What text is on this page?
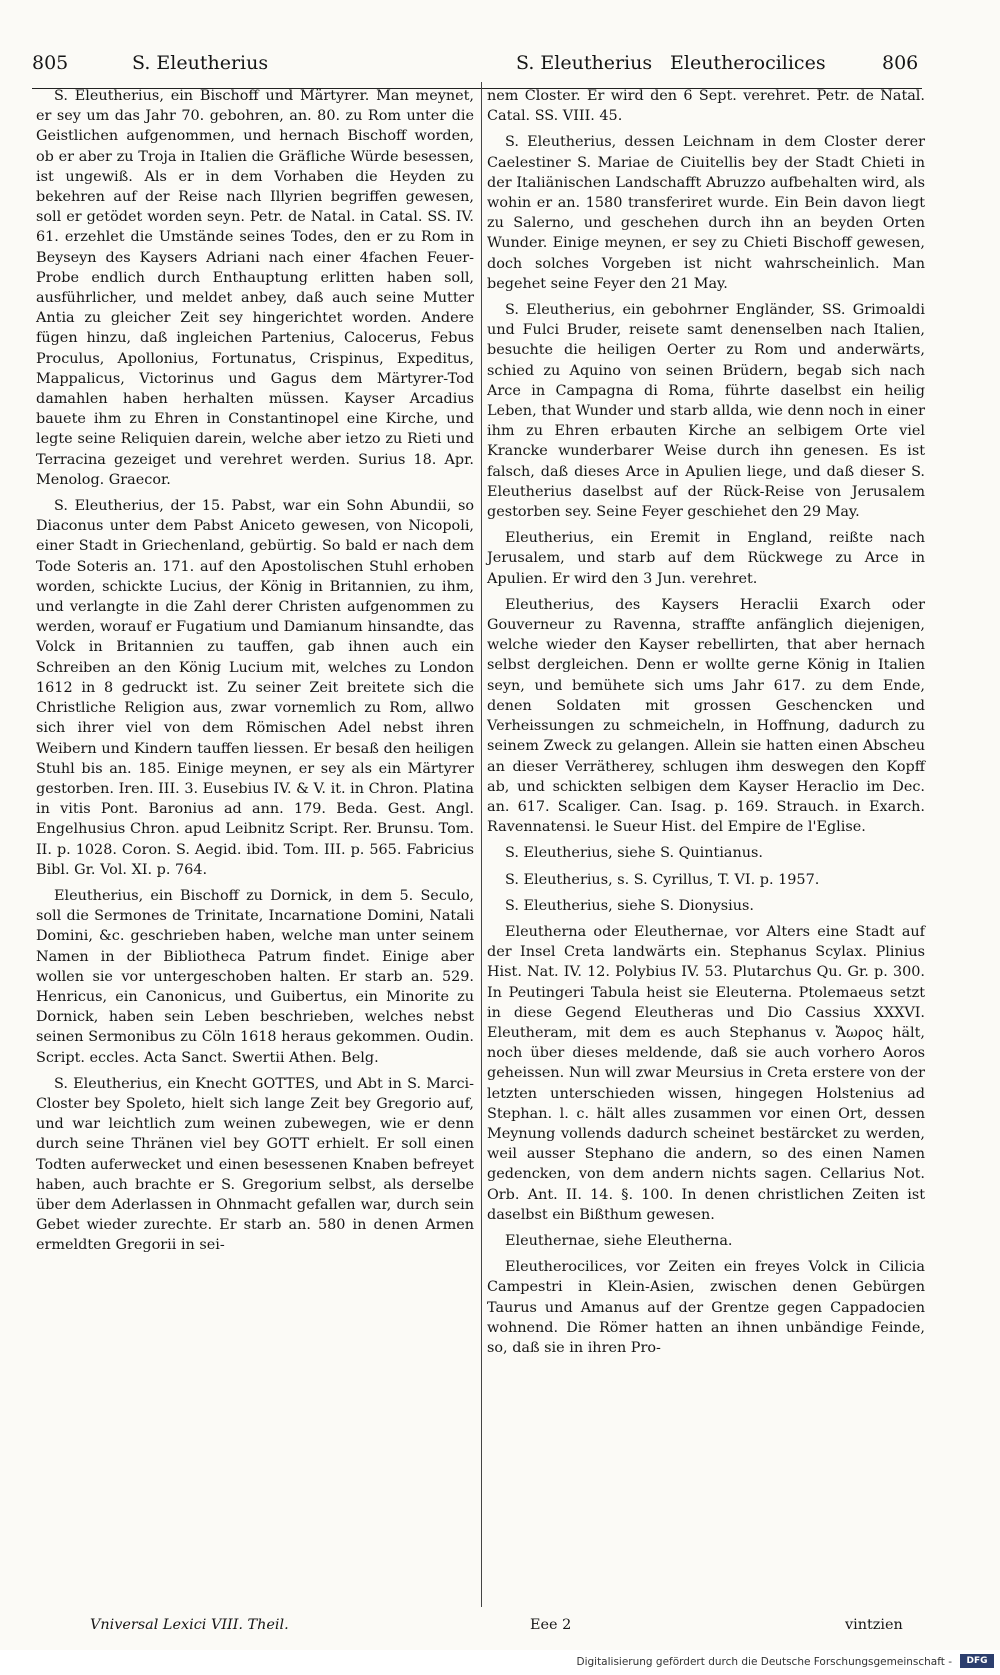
805	S. Eleutherius	S. Eleutherius Eleutherocilices	806

S. Eleutherius, ein Bischoff und Märtyrer. Man meynet, er sey um das Jahr 70. gebohren, an. 80. zu Rom unter die Geistlichen aufgenommen, und hernach Bischoff worden, ob er aber zu Troja in Italien die Gräfliche Würde besessen, ist ungewiß. Als er in dem Vorhaben die Heyden zu bekehren auf der Reise nach Illyrien begriffen gewesen, soll er getödet worden seyn. Petr. de Natal. in Catal. SS. IV. 61. erzehlet die Umstände seines Todes, den er zu Rom in Beyseyn des Kaysers Adriani nach einer 4fachen Feuer-Probe endlich durch Enthauptung erlitten haben soll, ausführlicher, und meldet anbey, daß auch seine Mutter Antia zu gleicher Zeit sey hingerichtet worden. Andere fügen hinzu, daß ingleichen Partenius, Calocerus, Febus Proculus, Apollonius, Fortunatus, Crispinus, Expeditus, Mappalicus, Victorinus und Gagus dem Märtyrer-Tod damahlen haben herhalten müssen. Kayser Arcadius bauete ihm zu Ehren in Constantinopel eine Kirche, und legte seine Reliquien darein, welche aber ietzo zu Rieti und Terracina gezeiget und verehret werden. Surius 18. Apr. Menolog. Graecor.

S. Eleutherius, der 15. Pabst, war ein Sohn Abundii, so Diaconus unter dem Pabst Aniceto gewesen, von Nicopoli, einer Stadt in Griechenland, gebürtig. So bald er nach dem Tode Soteris an. 171. auf den Apostolischen Stuhl erhoben worden, schickte Lucius, der König in Britannien, zu ihm, und verlangte in die Zahl derer Christen aufgenommen zu werden, worauf er Fugatium und Damianum hinsandte, das Volck in Britannien zu tauffen, gab ihnen auch ein Schreiben an den König Lucium mit, welches zu London 1612 in 8 gedruckt ist. Zu seiner Zeit breitete sich die Christliche Religion aus, zwar vornemlich zu Rom, allwo sich ihrer viel von dem Römischen Adel nebst ihren Weibern und Kindern tauffen liessen. Er besaß den heiligen Stuhl bis an. 185. Einige meynen, er sey als ein Märtyrer gestorben. Iren. III. 3. Eusebius IV. & V. it. in Chron. Platina in vitis Pont. Baronius ad ann. 179. Beda. Gest. Angl. Engelhusius Chron. apud Leibnitz Script. Rer. Brunsu. Tom. II. p. 1028. Coron. S. Aegid. ibid. Tom. III. p. 565. Fabricius Bibl. Gr. Vol. XI. p. 764.

Eleutherius, ein Bischoff zu Dornick, in dem 5. Seculo, soll die Sermones de Trinitate, Incarnatione Domini, Natali Domini, &c. geschrieben haben, welche man unter seinem Namen in der Bibliotheca Patrum findet. Einige aber wollen sie vor untergeschoben halten. Er starb an. 529. Henricus, ein Canonicus, und Guibertus, ein Minorite zu Dornick, haben sein Leben beschrieben, welches nebst seinen Sermonibus zu Cöln 1618 heraus gekommen. Oudin. Script. eccles. Acta Sanct. Swertii Athen. Belg.

S. Eleutherius, ein Knecht GOTTES, und Abt in S. Marci-Closter bey Spoleto, hielt sich lange Zeit bey Gregorio auf, und war leichtlich zum weinen zubewegen, wie er denn durch seine Thränen viel bey GOTT erhielt. Er soll einen Todten auferwecket und einen besessenen Knaben befreyet haben, auch brachte er S. Gregorium selbst, als derselbe über dem Aderlassen in Ohnmacht gefallen war, durch sein Gebet wieder zurechte. Er starb an. 580 in denen Armen ermeldten Gregorii in sei-

nem Closter. Er wird den 6 Sept. verehret. Petr. de Natal. Catal. SS. VIII. 45.

S. Eleutherius, dessen Leichnam in dem Closter derer Caelestiner S. Mariae de Ciuitellis bey der Stadt Chieti in der Italiänischen Landschafft Abruzzo aufbehalten wird, als wohin er an. 1580 transferiret wurde. Ein Bein davon liegt zu Salerno, und geschehen durch ihn an beyden Orten Wunder. Einige meynen, er sey zu Chieti Bischoff gewesen, doch solches Vorgeben ist nicht wahrscheinlich. Man begehet seine Feyer den 21 May.

S. Eleutherius, ein gebohrner Engländer, SS. Grimoaldi und Fulci Bruder, reisete samt denenselben nach Italien, besuchte die heiligen Oerter zu Rom und anderwärts, schied zu Aquino von seinen Brüdern, begab sich nach Arce in Campagna di Roma, führte daselbst ein heilig Leben, that Wunder und starb allda, wie denn noch in einer ihm zu Ehren erbauten Kirche an selbigem Orte viel Krancke wunderbarer Weise durch ihn genesen. Es ist falsch, daß dieses Arce in Apulien liege, und daß dieser S. Eleutherius daselbst auf der Rück-Reise von Jerusalem gestorben sey. Seine Feyer geschiehet den 29 May.

Eleutherius, ein Eremit in England, reißte nach Jerusalem, und starb auf dem Rückwege zu Arce in Apulien. Er wird den 3 Jun. verehret.

Eleutherius, des Kaysers Heraclii Exarch oder Gouverneur zu Ravenna, straffte anfänglich diejenigen, welche wieder den Kayser rebellirten, that aber hernach selbst dergleichen. Denn er wollte gerne König in Italien seyn, und bemühete sich ums Jahr 617. zu dem Ende, denen Soldaten mit grossen Geschencken und Verheissungen zu schmeicheln, in Hoffnung, dadurch zu seinem Zweck zu gelangen. Allein sie hatten einen Abscheu an dieser Verrätherey, schlugen ihm deswegen den Kopff ab, und schickten selbigen dem Kayser Heraclio im Dec. an. 617. Scaliger. Can. Isag. p. 169. Strauch. in Exarch. Ravennatensi. le Sueur Hist. del Empire de l'Eglise.

S. Eleutherius, siehe S. Quintianus.

S. Eleutherius, s. S. Cyrillus, T. VI. p. 1957.

S. Eleutherius, siehe S. Dionysius.

Eleutherna oder Eleuthernae, vor Alters eine Stadt auf der Insel Creta landwärts ein. Stephanus Scylax. Plinius Hist. Nat. IV. 12. Polybius IV. 53. Plutarchus Qu. Gr. p. 300. In Peutingeri Tabula heist sie Eleuterna. Ptolemaeus setzt in diese Gegend Eleutheras und Dio Cassius XXXVI. Eleutheram, mit dem es auch Stephanus v. Ἄωρος hält, noch über dieses meldende, daß sie auch vorhero Aoros geheissen. Nun will zwar Meursius in Creta erstere von der letzten unterschieden wissen, hingegen Holstenius ad Stephan. l. c. hält alles zusammen vor einen Ort, dessen Meynung vollends dadurch scheinet bestärcket zu werden, weil ausser Stephano die andern, so des einen Namen gedencken, von dem andern nichts sagen. Cellarius Not. Orb. Ant. II. 14. §. 100. In denen christlichen Zeiten ist daselbst ein Bißthum gewesen.

Eleuthernae, siehe Eleutherna.

Eleutherocilices, vor Zeiten ein freyes Volck in Cilicia Campestri in Klein-Asien, zwischen denen Gebürgen Taurus und Amanus auf der Grentze gegen Cappadocien wohnend. Die Römer hatten an ihnen unbändige Feinde, so, daß sie in ihren Pro-

Vniversal Lexici VIII. Theil.	Eee 2	vintzien
Digitalisierung gefördert durch die Deutsche Forschungsgemeinschaft -	DFG
